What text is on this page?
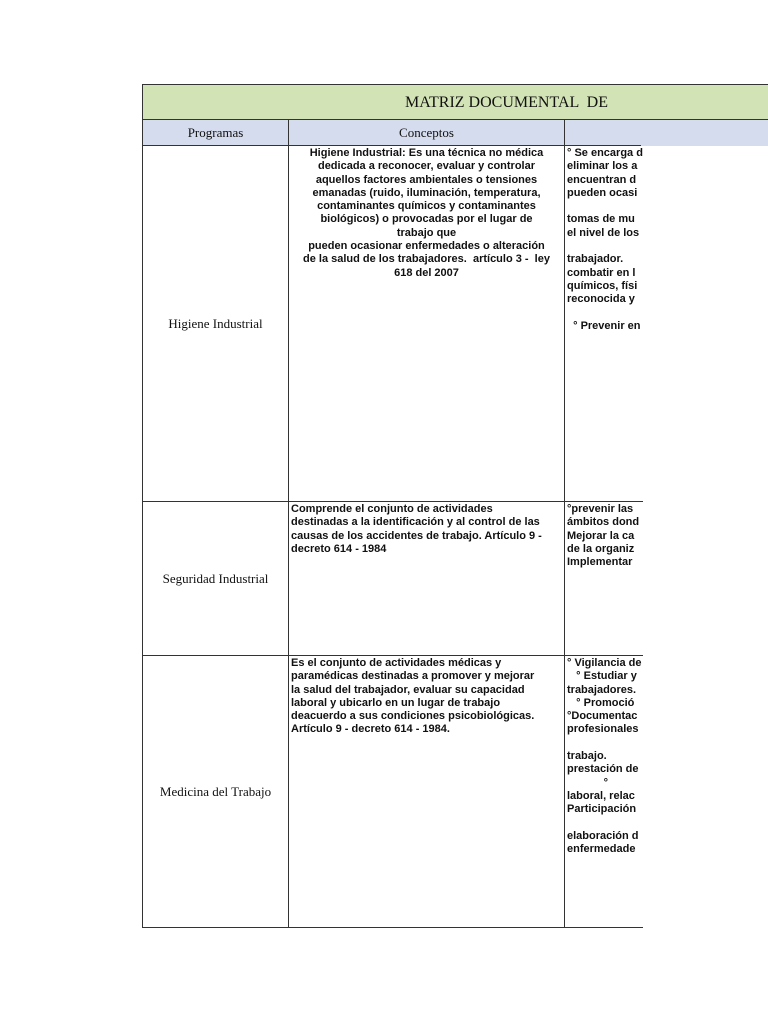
MATRIZ DOCUMENTAL  DE
Programas	Conceptos
Higiene Industrial

Higiene Industrial: Es una técnica no médica
dedicada a reconocer, evaluar y controlar
aquellos factores ambientales o tensiones
emanadas (ruido, iluminación, temperatura,
contaminantes químicos y contaminantes
biológicos) o provocadas por el lugar de
trabajo que
pueden ocasionar enfermedades o alteración
de la salud de los trabajadores.  artículo 3 -  ley
618 del 2007

° Se encarga d
eliminar los a
encuentran d
pueden ocasi

tomas de mu
el nivel de los

trabajador.
combatir en l
químicos, físi
reconocida y

° Prevenir en
Seguridad Industrial

Comprende el conjunto de actividades
destinadas a la identificación y al control de las
causas de los accidentes de trabajo. Artículo 9 -
decreto 614 - 1984

°prevenir las
ámbitos dond
Mejorar la ca
de la organiz
Implementar
Medicina del Trabajo

Es el conjunto de actividades médicas y
paramédicas destinadas a promover y mejorar
la salud del trabajador, evaluar su capacidad
laboral y ubicarlo en un lugar de trabajo
deacuerdo a sus condiciones psicobiológicas.
Artículo 9 - decreto 614 - 1984.

° Vigilancia de
° Estudiar y
trabajadores.
° Promoció
°Documentac
profesionales

trabajo.
prestación de
°
laboral, relac
Participación

elaboración d
enfermedade
